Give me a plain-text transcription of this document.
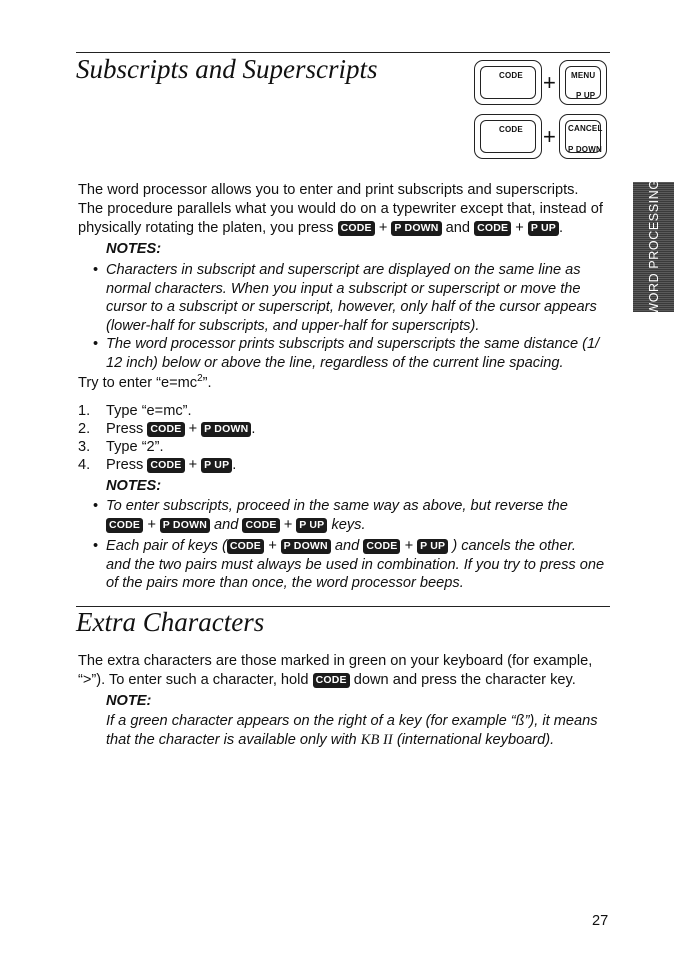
Subscripts and Superscripts	CODE + MENU
P UP
CODE + CANCEL
P DOWN
The word processor allows you to enter and print subscripts and superscripts.
The procedure parallels what you would do on a typewriter except that, instead of
physically rotating the platen, you press CODE + P DOWN and CODE + P UP .
NOTES:
• Characters in subscript and superscript are displayed on the same line as
normal characters. When you input a subscript or superscript or move the
cursor to a subscript or superscript, however, only half of the cursor appears
(lower-half for subscripts, and upper-half for superscripts).
• The word processor prints subscripts and superscripts the same distance (1/
12 inch) below or above the line, regardless of the current line spacing.
Try to enter “$e=mc^2$”.
1. Type “e=mc”.
2. Press CODE + P DOWN .
3. Type “2”.
4. Press CODE + P UP .
NOTES:
• To enter subscripts, proceed in the same way as above, but reverse the
CODE + P DOWN and CODE + P UP keys.
• Each pair of keys ( CODE + P DOWN and CODE + P UP ) cancels the other.
and the two pairs must always be used in combination. If you try to press one
of the pairs more than once, the word processor beeps.
Extra Characters
The extra characters are those marked in green on your keyboard (for example,
“>”). To enter such a character, hold CODE down and press the character key.
NOTE:
If a green character appears on the right of a key (for example “ß”), it means
that the character is available only with KB II (international keyboard).
WORD PROCESSING
27
